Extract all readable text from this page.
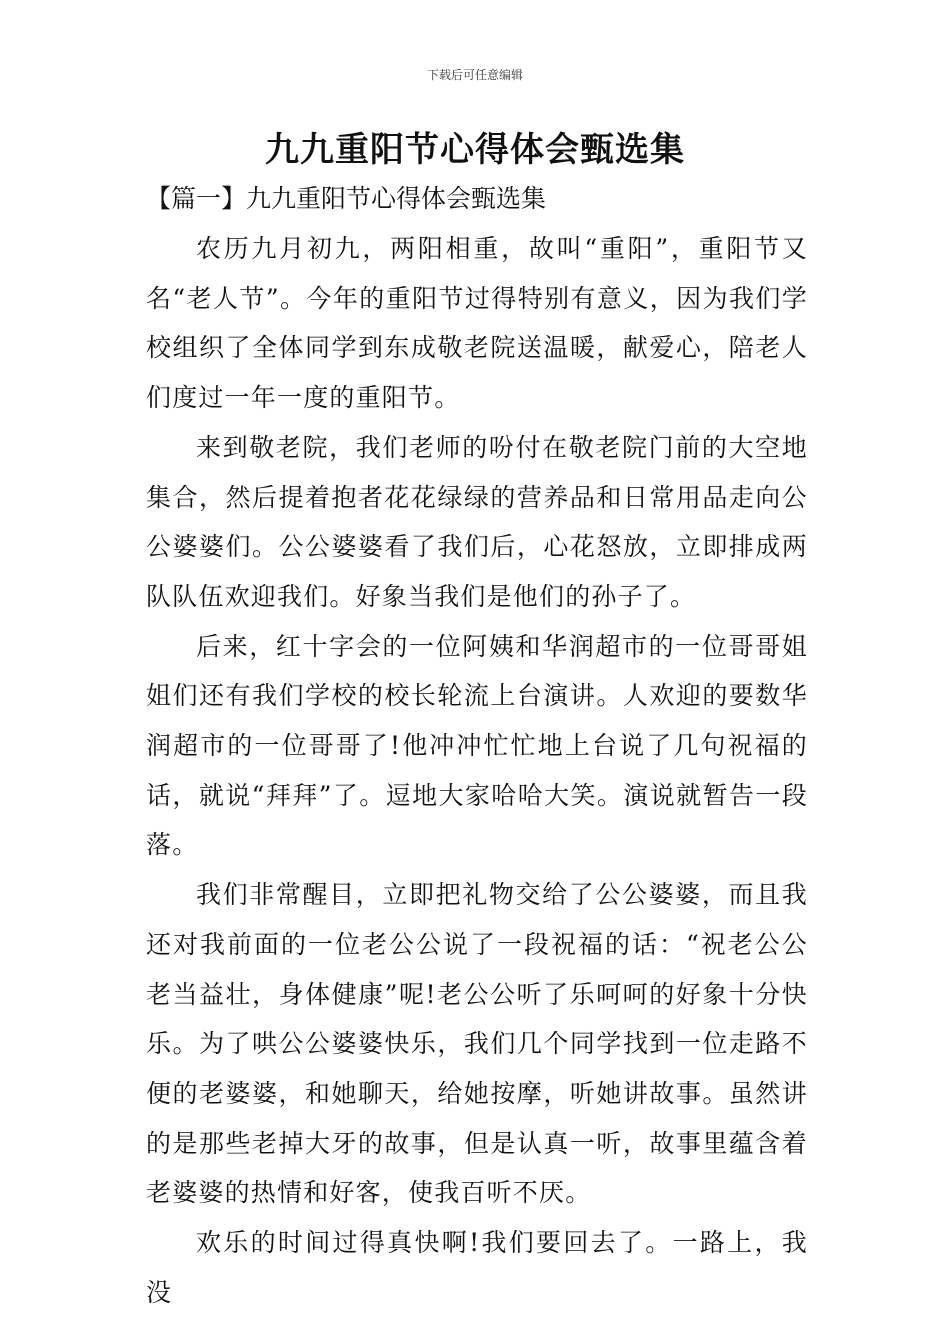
下载后可任意编辑
九九重阳节心得体会甄选集
【篇一】九九重阳节心得体会甄选集

农历九月初九，两阳相重，故叫“重阳”，重阳节又名“老人节”。今年的重阳节过得特别有意义，因为我们学校组织了全体同学到东成敬老院送温暖，献爱心，陪老人们度过一年一度的重阳节。

来到敬老院，我们老师的吩付在敬老院门前的大空地集合，然后提着抱者花花绿绿的营养品和日常用品走向公公婆婆们。公公婆婆看了我们后，心花怒放，立即排成两队队伍欢迎我们。好象当我们是他们的孙子了。

后来，红十字会的一位阿姨和华润超市的一位哥哥姐姐们还有我们学校的校长轮流上台演讲。人欢迎的要数华润超市的一位哥哥了!他冲冲忙忙地上台说了几句祝福的话，就说“拜拜”了。逗地大家哈哈大笑。演说就暂告一段落。

我们非常醒目，立即把礼物交给了公公婆婆，而且我还对我前面的一位老公公说了一段祝福的话：“祝老公公老当益壮，身体健康”呢!老公公听了乐呵呵的好象十分快乐。为了哄公公婆婆快乐，我们几个同学找到一位走路不便的老婆婆，和她聊天，给她按摩，听她讲故事。虽然讲的是那些老掉大牙的故事，但是认真一听，故事里蕴含着老婆婆的热情和好客，使我百听不厌。

欢乐的时间过得真快啊!我们要回去了。一路上，我没
